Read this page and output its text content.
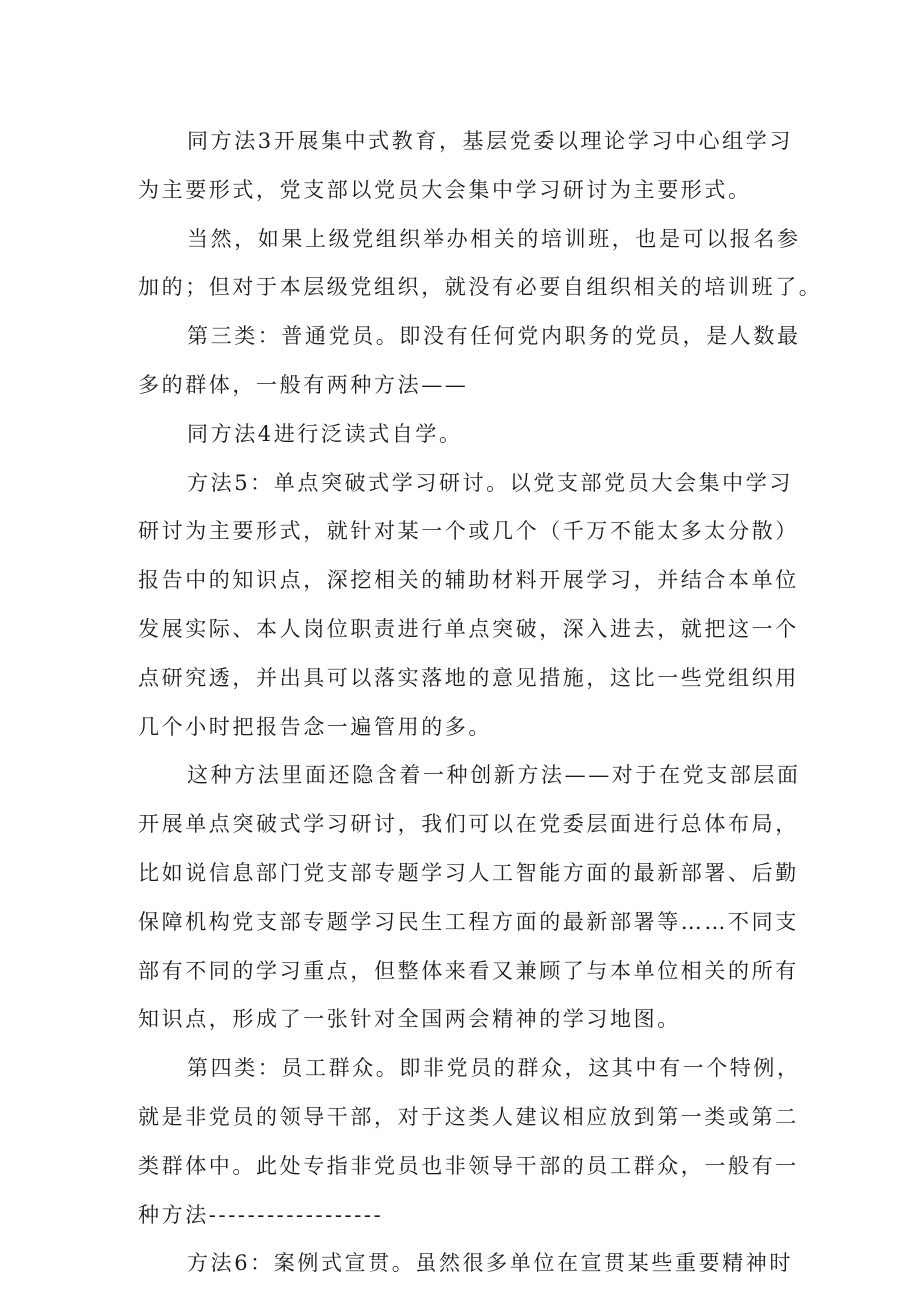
同方法3开展集中式教育，基层党委以理论学习中心组学习
为主要形式，党支部以党员大会集中学习研讨为主要形式。
当然，如果上级党组织举办相关的培训班，也是可以报名参
加的；但对于本层级党组织，就没有必要自组织相关的培训班了。
第三类：普通党员。即没有任何党内职务的党员，是人数最
多的群体，一般有两种方法——
同方法4进行泛读式自学。
方法5：单点突破式学习研讨。以党支部党员大会集中学习
研讨为主要形式，就针对某一个或几个（千万不能太多太分散）
报告中的知识点，深挖相关的辅助材料开展学习，并结合本单位
发展实际、本人岗位职责进行单点突破，深入进去，就把这一个
点研究透，并出具可以落实落地的意见措施，这比一些党组织用
几个小时把报告念一遍管用的多。
这种方法里面还隐含着一种创新方法——对于在党支部层面
开展单点突破式学习研讨，我们可以在党委层面进行总体布局，
比如说信息部门党支部专题学习人工智能方面的最新部署、后勤
保障机构党支部专题学习民生工程方面的最新部署等……不同支
部有不同的学习重点，但整体来看又兼顾了与本单位相关的所有
知识点，形成了一张针对全国两会精神的学习地图。
第四类：员工群众。即非党员的群众，这其中有一个特例，
就是非党员的领导干部，对于这类人建议相应放到第一类或第二
类群体中。此处专指非党员也非领导干部的员工群众，一般有一
种方法------------------
方法6：案例式宣贯。虽然很多单位在宣贯某些重要精神时
